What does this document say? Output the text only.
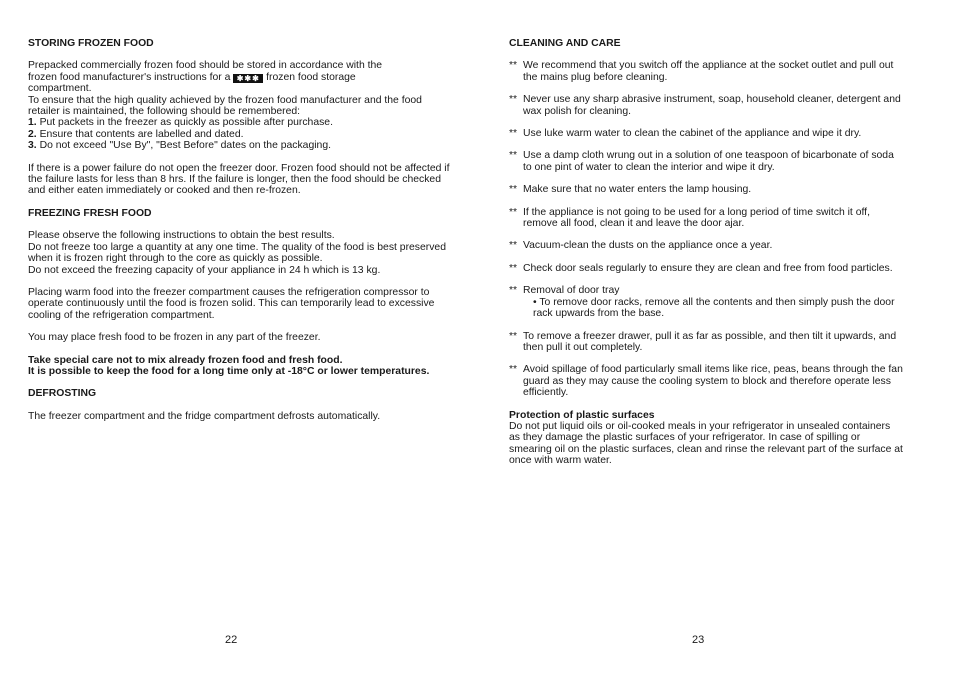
STORING FROZEN FOOD

Prepacked commercially frozen food should be stored in accordance with the
frozen food manufacturer's instructions for a ✱✱✱ frozen food storage
compartment.

To ensure that the high quality achieved by the frozen food manufacturer and the food retailer is maintained, the following should be remembered:

1. Put packets in the freezer as quickly as possible after purchase.

2. Ensure that contents are labelled and dated.

3. Do not exceed "Use By", "Best Before" dates on the packaging.

If there is a power failure do not open the freezer door. Frozen food should not be affected if the failure lasts for less than 8 hrs. If the failure is longer, then the food should be checked and either eaten immediately or cooked and then re-frozen.

FREEZING FRESH FOOD

Please observe the following instructions to obtain the best results.

Do not freeze too large a quantity at any one time. The quality of the food is best preserved when it is frozen right through to the core as quickly as possible.

Do not exceed the freezing capacity of your appliance in 24 h which is 13 kg.

Placing warm food into the freezer compartment causes the refrigeration compressor to operate continuously until the food is frozen solid. This can temporarily lead to excessive cooling of the refrigeration compartment.

You may place fresh food to be frozen in any part of the freezer.

Take special care not to mix already frozen food and fresh food.

It is possible to keep the food for a long time only at -18°C or lower temperatures.

DEFROSTING

The freezer compartment and the fridge compartment defrosts automatically.

22
CLEANING AND CARE
** We recommend that you switch off the appliance at the socket outlet and pull out the mains plug before cleaning.
** Never use any sharp abrasive instrument, soap, household cleaner, detergent and wax polish for cleaning.
** Use luke warm water to clean the cabinet of the appliance and wipe it dry.
** Use a damp cloth wrung out in a solution of one teaspoon of bicarbonate of soda to one pint of water to clean the interior and wipe it dry.
** Make sure that no water enters the lamp housing.
** If the appliance is not going to be used for a long period of time switch it off, remove all food, clean it and leave the door ajar.
** Vacuum-clean the dusts on the appliance once a year.
** Check door seals regularly to ensure they are clean and free from food particles.
** Removal of door tray

• To remove door racks, remove all the contents and then simply push the door rack upwards from the base.

** To remove a freezer drawer, pull it as far as possible, and then tilt it upwards, and then pull it out completely.
** Avoid spillage of food particularly small items like rice, peas, beans through the fan guard as they may cause the cooling system to block and therefore operate less efficiently.

Protection of plastic surfaces

Do not put liquid oils or oil-cooked meals in your refrigerator in unsealed containers as they damage the plastic surfaces of your refrigerator. In case of spilling or smearing oil on the plastic surfaces, clean and rinse the relevant part of the surface at once with warm water.

23
